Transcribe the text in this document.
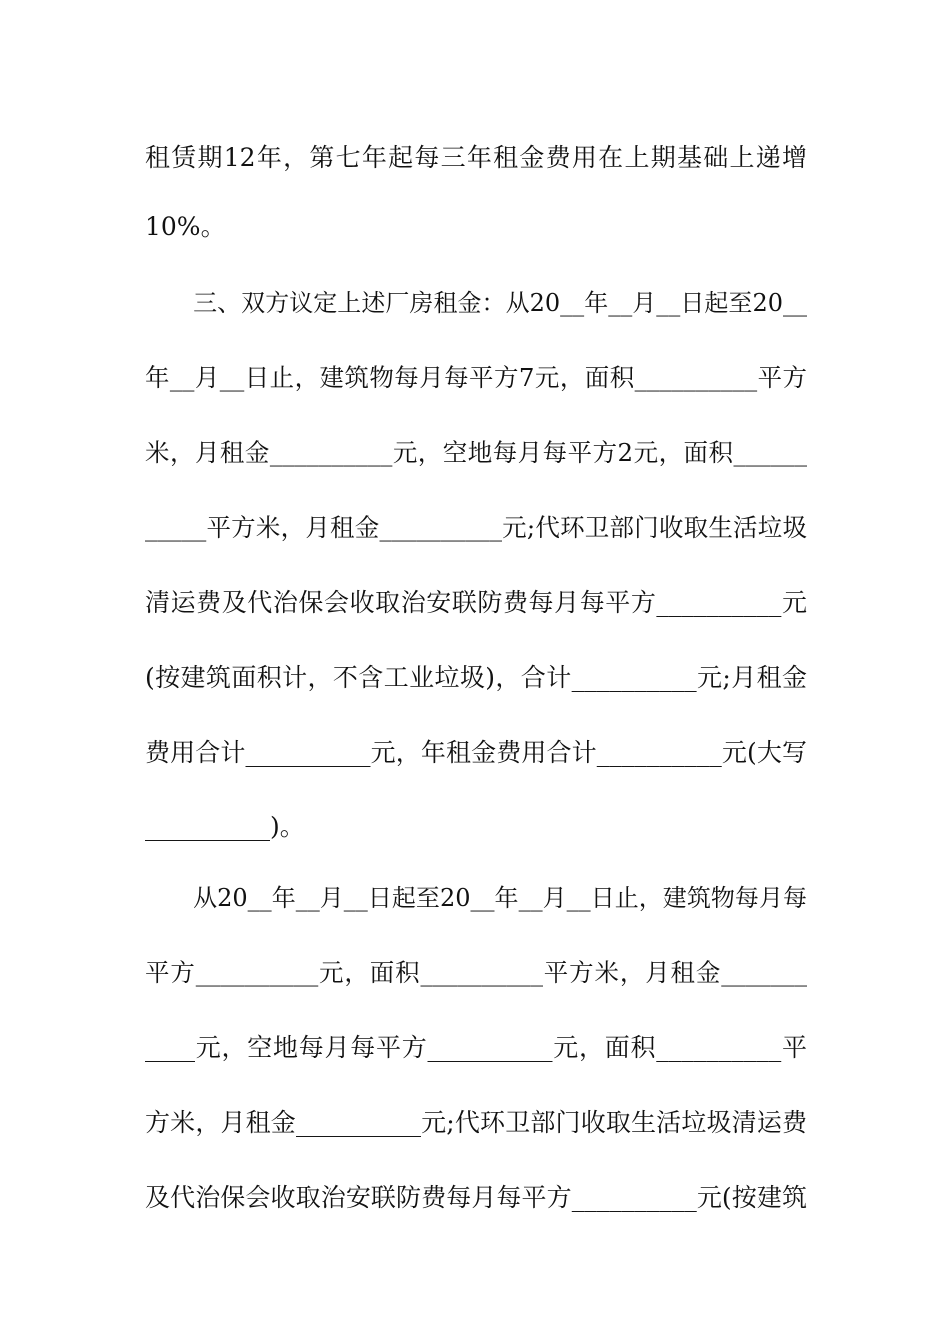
租赁期12年，第七年起每三年租金费用在上期基础上递增
10%。
　　三、双方议定上述厂房租金：从20__年__月__日起至20__
年__月__日止，建筑物每月每平方7元，面积__________平方
米，月租金__________元，空地每月每平方2元，面积______
_____平方米，月租金__________元;代环卫部门收取生活垃圾
清运费及代治保会收取治安联防费每月每平方__________元
(按建筑面积计，不含工业垃圾)，合计__________元;月租金
费用合计__________元，年租金费用合计__________元(大写
__________)。
　　从20__年__月__日起至20__年__月__日止，建筑物每月每
平方__________元，面积__________平方米，月租金_______
____元，空地每月每平方__________元，面积__________平
方米，月租金__________元;代环卫部门收取生活垃圾清运费
及代治保会收取治安联防费每月每平方__________元(按建筑
